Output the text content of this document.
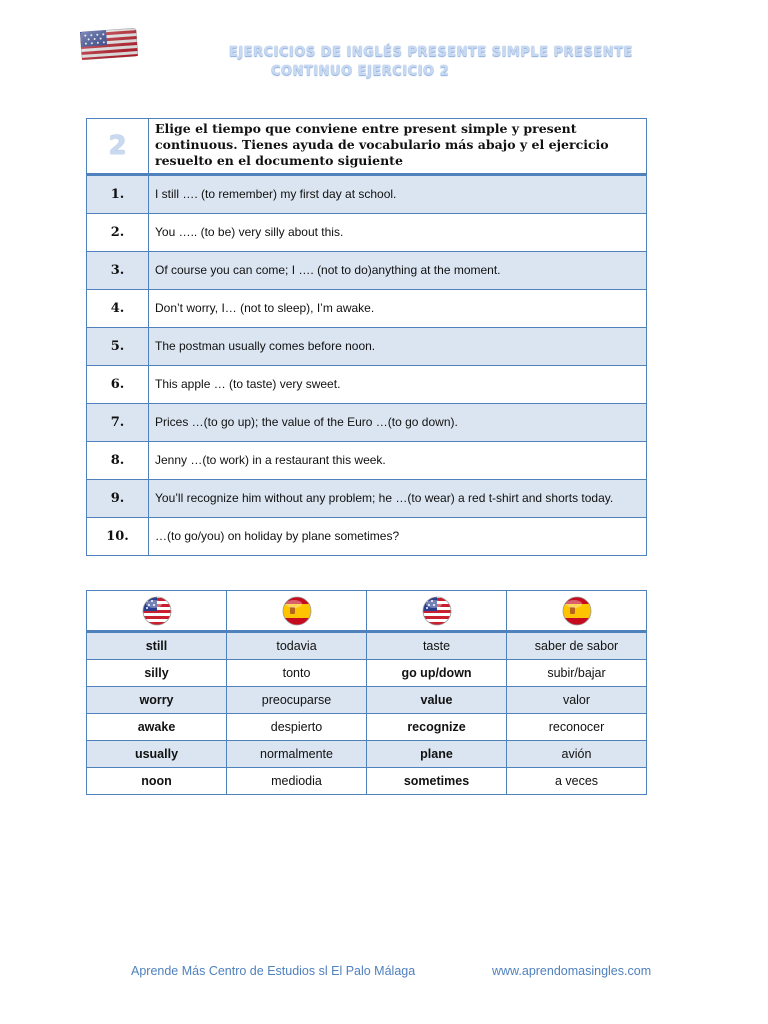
EJERCICIOS DE INGLÉS PRESENTE SIMPLE PRESENTE
CONTINUO EJERCICIO 2
2	Elige el tiempo que conviene entre present simple y present continuous. Tienes ayuda de vocabulario más abajo y el ejercicio resuelto en el documento siguiente
1.	I still …. (to remember) my first day at school.
2.	You ….. (to be) very silly about this.
3.	Of course you can come; I …. (not to do)anything at the moment.
4.	Don’t worry, I… (not to sleep), I’m awake.
5.	The postman usually comes before noon.
6.	This apple … (to taste) very sweet.
7.	Prices …(to go up); the value of the Euro …(to go down).
8.	Jenny …(to work) in a restaurant this week.
9.	You’ll recognize him without any problem; he …(to wear) a red t-shirt and shorts today.
10.	…(to go/you) on holiday by plane sometimes?

still	todavia	taste	saber de sabor
silly	tonto	go up/down	subir/bajar
worry	preocuparse	value	valor
awake	despierto	recognize	reconocer
usually	normalmente	plane	avión
noon	mediodia	sometimes	a veces
Aprende Más Centro de Estudios sl El Palo Málaga	www.aprendomasingles.com
